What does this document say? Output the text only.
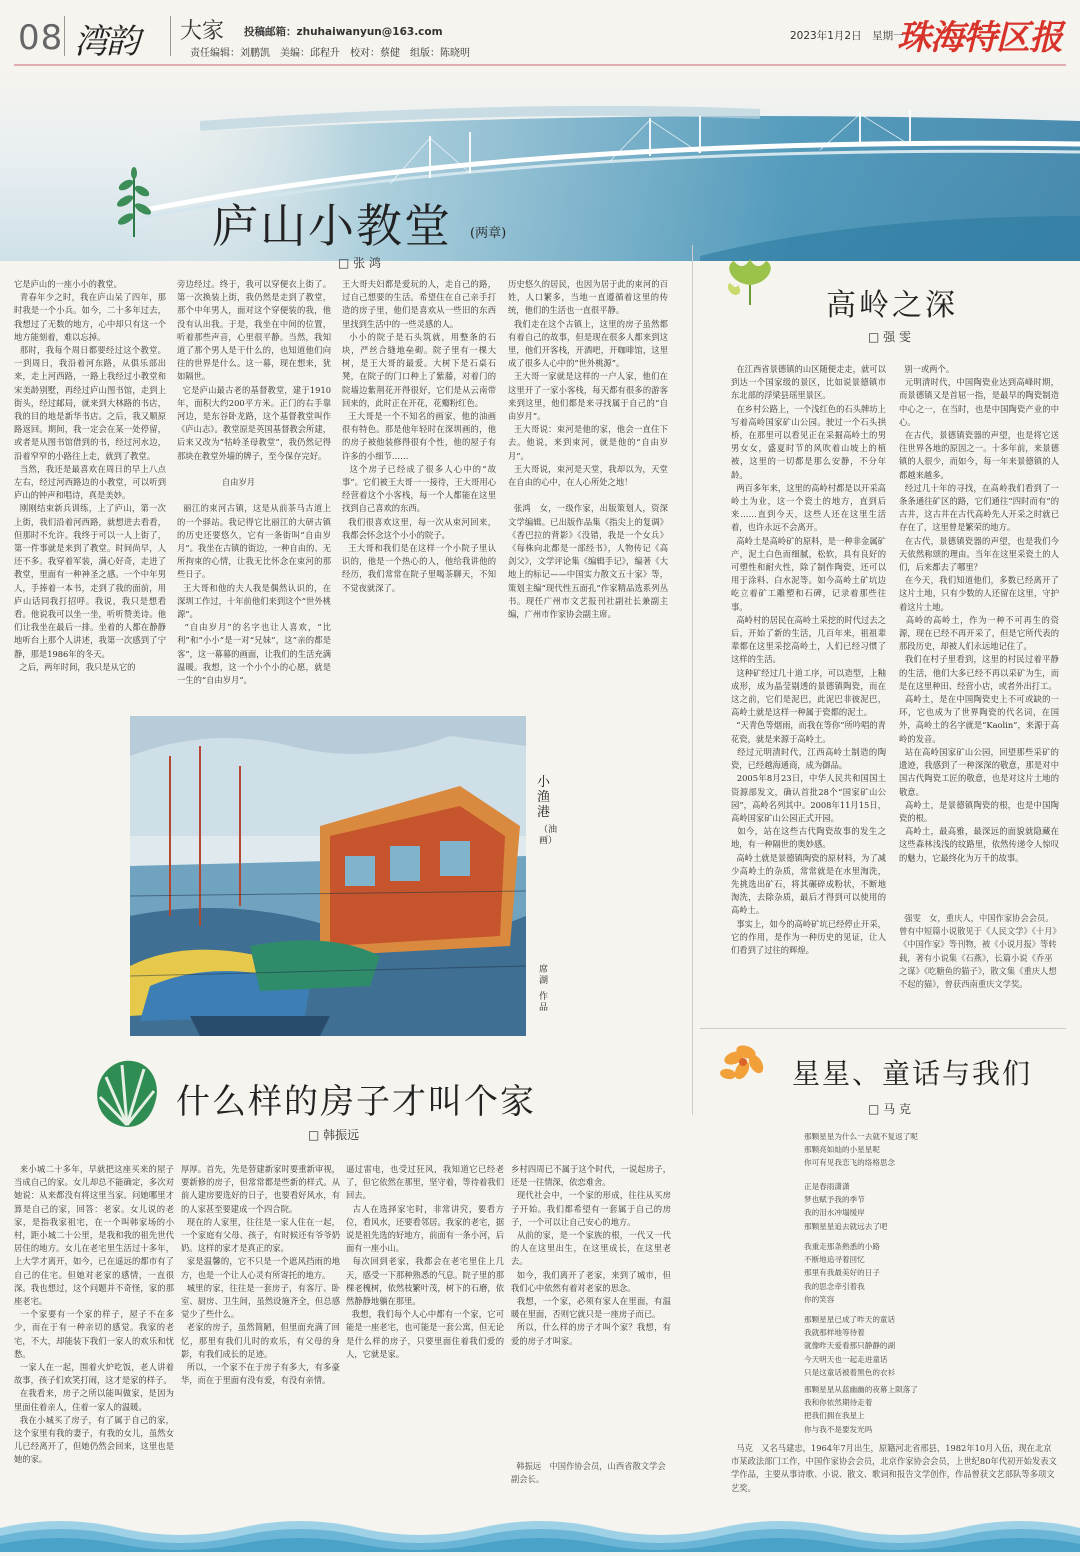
08 湾韵 大家 投稿邮箱：zhuhaiwanyun@163.com
责任编辑：刘鹏凯　美编：邱程升　校对：蔡健　组版：陈晓明
2023年1月2日　星期一
珠海特区报
庐山小教堂 (两章)
□ 张 鸿
它是庐山的一座小小的教堂。
青春年少之时，我在庐山呆了四年，那时我是一个小兵。如今，二十多年过去，我想过了无数的地方，心中却只有这一个地方能刻着，难以忘掉。
那时，我每个周日都要经过这个教堂。一到周日，我沿着河东路，从俱乐部出来，走上河西路，一路上我经过小教堂和宋美龄别墅，再经过庐山图书馆，走到上街头，经过邮局，就来到大林路的书店，我的目的地是新华书店。之后，我又顺原路返回。期间，我一定会在某一处停留，或者是从图书馆借到的书，经过河水边，沿着窄窄的小路往上走，就到了教堂。
当然，我还是最喜欢在周日的早上八点左右，经过河西路边的小教堂，可以听到庐山的钟声和唱诗，真是美妙。
刚刚结束新兵训练，上了庐山，第一次上街，我们沿着河西路，就想进去看看，但那时不允许。我终于可以一人上街了，第一件事就是来到了教堂。时间尚早，人还不多。我穿着军装，满心好奇，走进了教堂，里面有一种神圣之感。一个中年男人，手捧着一本书，走到了我的面前，用庐山话同我打招呼。我说，我只是想看看。他说我可以坐一坐，听听赞美诗。他们让我坐在最后一排。坐着的人都在静静地听台上那个人讲述，我第一次感到了宁静，那是1986年的冬天。
之后，两年时间，我只是从它的
旁边经过。终于，我可以穿便衣上街了。第一次换装上街，我仍然是走到了教堂，那个中年男人，面对这个穿便装的我，他没有认出我。于是，我坐在中间的位置，听着那些声音，心里很平静。当然，我知道了那个男人是干什么的，也知道他们向往的世界是什么。这一幕，现在想来，犹如隔世。
它是庐山最古老的基督教堂，建于1910年，面积大约200平方米。正门的右手靠河边，是东谷卧龙路，这个基督教堂叫作《庐山志》。教堂原是英国基督教会所建，后来又改为“牯岭圣母教堂”，我仍然记得那块在教堂外墙的牌子，至今保存完好。

自由岁月

丽江的束河古镇，这是从前茶马古道上的一个驿站。我记得它比丽江的大研古镇的历史还要悠久，它有一条街叫“自由岁月”。我坐在古镇的街边，一种自由的、无所拘束的心情，让我无比怀念在束河的那些日子。
王大哥和他的夫人我是偶然认识的，在深圳工作过，十年前他们来到这个“世外桃源”。
“自由岁月”的名字也让人喜欢，“比利”和“小小”是一对“兄妹”，这“亲的都是客”，这一幕幕的画面，让我们的生活充满温暖。我想，这一个小个小的心愿，就是一生的“自由岁月”。
王大哥夫妇都是爱玩的人，走自己的路，过自己想要的生活。希望住在自己亲手打造的房子里，他们是喜欢从一些旧的东西里找到生活中的一些灵感的人。
小小的院子是石头筑就，用整条的石块，严丝合缝地垒砌。院子里有一棵大树，是王大哥的最爱。大树下是石桌石凳，在院子的门口种上了紫藤，对着门的院墙边紫荆花开得很好，它们是从云南带回来的，此时正在开花，花瓣粉红色。
王大哥是一个不知名的画家，他的油画很有特色。那是他年轻时在深圳画的，他的房子被他装修得很有个性，他的屋子有许多的小细节……
这个房子已经成了很多人心中的“故事”。它们被王大哥一一接待，王大哥用心经营着这个小客栈，每一个人都能在这里找到自己喜欢的东西。
我们很喜欢这里，每一次从束河回来，我都会怀念这个小小的院子。
王大哥和我们是在这样一个小院子里认识的，他是一个热心的人，他给我讲他的经历，我们常常在院子里喝茶聊天，不知不觉夜就深了。
历史悠久的居民，也因为居于此的束河的百姓，人口繁多，当地一直遵循着这里的传统，他们的生活也一直很平静。
我们走在这个古镇上，这里的房子虽然都有着自己的故事，但是现在很多人都来到这里，他们开客栈，开酒吧，开咖啡馆，这里成了很多人心中的“世外桃源”。
王大哥一家就是这样的一户人家，他们在这里开了一家小客栈，每天都有很多的游客来到这里，他们都是来寻找属于自己的“自由岁月”。
王大哥说：束河是他的家，他会一直住下去。他说，来到束河，就是他的“自由岁月”。
王大哥说，束河是天堂，我却以为，天堂在自由的心中，在人心所处之地！

张鸿　女，一级作家，出版策划人，资深文学编辑。已出版作品集《指尖上的复调》《香巴拉的背影》《没错，我是一个女兵》《每株向北都是一部经书》，人物传记《高剑父》，文学评论集《编辑手记》，编著《大地上的标记——中国实力散文五十家》等，策划主编“现代性五面孔”作家精品选系列丛书。现任广州市文艺报刊社副社长兼副主编，广州市作家协会副主席。
小渔港
（油画）
席湖
作品
高岭之深
□ 强 雯
在江西省景德镇的山区随便走走，就可以到达一个国家级的景区，比如说景德镇市东北部的浮梁县瑶里景区。
在乡村公路上，一个浅红色的石头牌坊上写着高岭国家矿山公园。驶过一个石头拱桥，在那里可以看见正在采掘高岭土的男男女女，盛夏时节的风吹着山坡上的植被，这里的一切都是那么安静，不分年龄。
两百多年来，这里的高岭村都是以开采高岭土为业，这一个瓷土的地方，直到后来……直到今天，这些人还在这里生活着，也许永远不会离开。
高岭土是高岭矿的原料，是一种非金属矿产，泥土白色而细腻，松软，具有良好的可塑性和耐火性，除了制作陶瓷，还可以用于涂料、白水泥等。如今高岭土矿坑边屹立着矿工雕塑和石碑，记录着那些往事。
高岭村的居民在高岭土采挖的时代过去之后，开始了新的生活，几百年来，祖祖辈辈都在这里采挖高岭土，人们已经习惯了这样的生活。
这种矿经过几十道工序，可以造型，上釉成形，成为晶莹剔透的景德镇陶瓷，而在这之前，它们是泥巴，此泥巴非彼泥巴，高岭土就是这样一种属于瓷都的泥土。
“天青色等烟雨，而我在等你”所吟唱的青花瓷，就是来源于高岭土。
经过元明清时代，江西高岭土制造的陶瓷，已经越海通商，成为御品。
2005年8月23日，中华人民共和国国土资源部发文，确认首批28个“国家矿山公园”，高岭名列其中。2008年11月15日，高岭国家矿山公园正式开园。
如今，站在这些古代陶瓷故事的发生之地，有一种隔世的奥妙感。
高岭土就是景德镇陶瓷的原材料，为了减少高岭土的杂质，常常就是在水里淘洗，先挑选出矿石，将其碾碎成粉状，不断地淘洗，去除杂质，最后才得到可以使用的高岭土。
事实上，如今的高岭矿坑已经停止开采，它的作用，是作为一种历史的见证，让人们看到了过往的辉煌。
别一或两个。
元明清时代，中国陶瓷业达到高峰时期，而景德镇又是首屈一指，是最早的陶瓷制造中心之一，在当时，也是中国陶瓷产业的中心。
在古代，景德镇瓷器的声望，也是将它送往世界各地的原因之一。十多年前，来景德镇的人很少，而如今，每一年来景德镇的人都越来越多。
经过几十年的寻找，在高岭我们看到了一条条通往矿区的路，它们通往“四时而有”的古井，这古井在古代高岭先人开采之时就已存在了，这里曾是繁荣的地方。
在古代，景德镇瓷器的声望，也是我们今天依然称颂的理由。当年在这里采瓷土的人们，后来都去了哪里？
在今天，我们知道他们，多数已经离开了这片土地，只有少数的人还留在这里，守护着这片土地。
高岭的高岭土，作为一种不可再生的资源，现在已经不再开采了，但是它所代表的那段历史，却被人们永远地记住了。
我们在村子里看到，这里的村民过着平静的生活，他们大多已经不再以采矿为生，而是在这里种田、经营小店，或者外出打工。
高岭土，是在中国陶瓷史上不可或缺的一环，它也成为了世界陶瓷的代名词，在国外，高岭土的名字就是“Kaolin”，来源于高岭的发音。
站在高岭国家矿山公园，回望那些采矿的遗迹，我感到了一种深深的敬意，那是对中国古代陶瓷工匠的敬意，也是对这片土地的敬意。
高岭土，是景德镇陶瓷的根，也是中国陶瓷的根。
高岭土，最高雅，最深远的面貌就隐藏在这些森林浅浅的纹路里，依然传递令人惊叹的魅力，它最终化为万千的故事。
强雯　女，重庆人，中国作家协会会员。曾有中短篇小说散见于《人民文学》《十月》《中国作家》等刊物，被《小说月报》等转载，著有小说集《石燕》，长篇小说《乔巫之谋》《吃糖鱼的猫子》，散文集《重庆人想不起的猫》，曾获西南重庆文学奖。
星星、童话与我们
□ 马 克
那颗星星为什么一去就不复返了呢
那颗亮如灿的小星星呢
你可有见我恋飞的络格思念
正是春雨潇潇
梦也赋予我的季节
我的泪水冲塌缓岸
那颗星星追去就远去了吧
我重走那条熟悉的小路
不断地追寻着回忆
那里有我最美好的日子
我的思念牵引着我
你的笑容
那颗星星已成了昨天的童话
我就那样地等待着
就像昨天爱看那只静静的湖
今天明天也一起走进童话
只是这童话被着黑色的衣衫
那颗星星从蓝幽幽的夜幕上陨落了
我和你依然期待走着
把我们拥在我星上
你与我不是要发光吗
马克　又名马建忠，1964年7月出生，原籍河北省邢县，1982年10月入伍，现在北京市某政法部门工作，中国作家协会会员，北京作家协会会员，上世纪80年代初开始发表文学作品，主要从事诗歌、小说、散文、歌词和报告文学创作，作品曾获文艺部队等多项文艺奖。
什么样的房子才叫个家
□ 韩振远
来小城二十多年，早就把这座买来的屋子当成自己的家。女儿却总不能确定，多次对她说：从来都没有将这里当家。问她哪里才算是自己的家，回答：老家。女儿说的老家，是指我家祖宅，在一个叫韩家场的小村，距小城二十公里，是我和我的祖先世代居住的地方。女儿在老宅里生活过十多年，上大学才离开，如今，已在遥远的都市有了自己的住宅。但她对老家的感情，一直很深。我也想过，这个问题并不奇怪，家的那座老宅。
一个家要有一个家的样子，屋子不在多少，而在于有一种亲切的感觉。我家的老宅，不大，却能装下我们一家人的欢乐和忧愁。
一家人在一起，围着火炉吃饭，老人讲着故事，孩子们欢笑打闹，这才是家的样子。
在我看来，房子之所以能叫做家，是因为里面住着亲人，住着一家人的温暖。
我在小城买了房子，有了属于自己的家，这个家里有我的妻子，有我的女儿，虽然女儿已经离开了，但她仍然会回来，这里也是她的家。
厚厚。首先，先是替建新家时要重新审视，要新修的房子，但常常都是些新的样式。从前人建房要选好的日子，也要看好风水，有的人家甚至要建成一个四合院。
现在的人家里，往往是一家人住在一起，一个家庭有父母、孩子，有时候还有爷爷奶奶。这样的家才是真正的家。
家是温馨的，它不只是一个遮风挡雨的地方，也是一个让人心灵有所寄托的地方。
城里的家，往往是一套房子，有客厅、卧室、厨房、卫生间，虽然设施齐全，但总感觉少了些什么。
老家的房子，虽然简陋，但里面充满了回忆，那里有我们儿时的欢乐，有父母的身影，有我们成长的足迹。
所以，一个家不在于房子有多大，有多豪华，而在于里面有没有爱，有没有亲情。
逼过雷电，也受过狂风，我知道它已经老了，但它依然在那里，坚守着，等待着我们回去。
古人在选择家宅时，非常讲究，要看方位，看风水，还要看邻居。我家的老宅，据说是祖先选的好地方，前面有一条小河，后面有一座小山。
每次回到老家，我都会在老宅里住上几天，感受一下那种熟悉的气息。院子里的那棵老槐树，依然枝繁叶茂，树下的石磨，依然静静地躺在那里。
我想，我们每个人心中都有一个家，它可能是一座老宅，也可能是一套公寓，但无论是什么样的房子，只要里面住着我们爱的人，它就是家。
乡村四周已不属于这个时代，一说起房子，还是一往情深，依恋难舍。
现代社会中，一个家的形成，往往从买房子开始。我们都希望有一套属于自己的房子，一个可以让自己安心的地方。
从前的家，是一个家族的根，一代又一代的人在这里出生，在这里成长，在这里老去。
如今，我们离开了老家，来到了城市，但我们心中依然有着对老家的思念。
我想，一个家，必须有家人在里面，有温暖在里面，否则它就只是一座房子而已。
所以，什么样的房子才叫个家？我想，有爱的房子才叫家。
韩振远　中国作协会员，山西省散文学会副会长。
